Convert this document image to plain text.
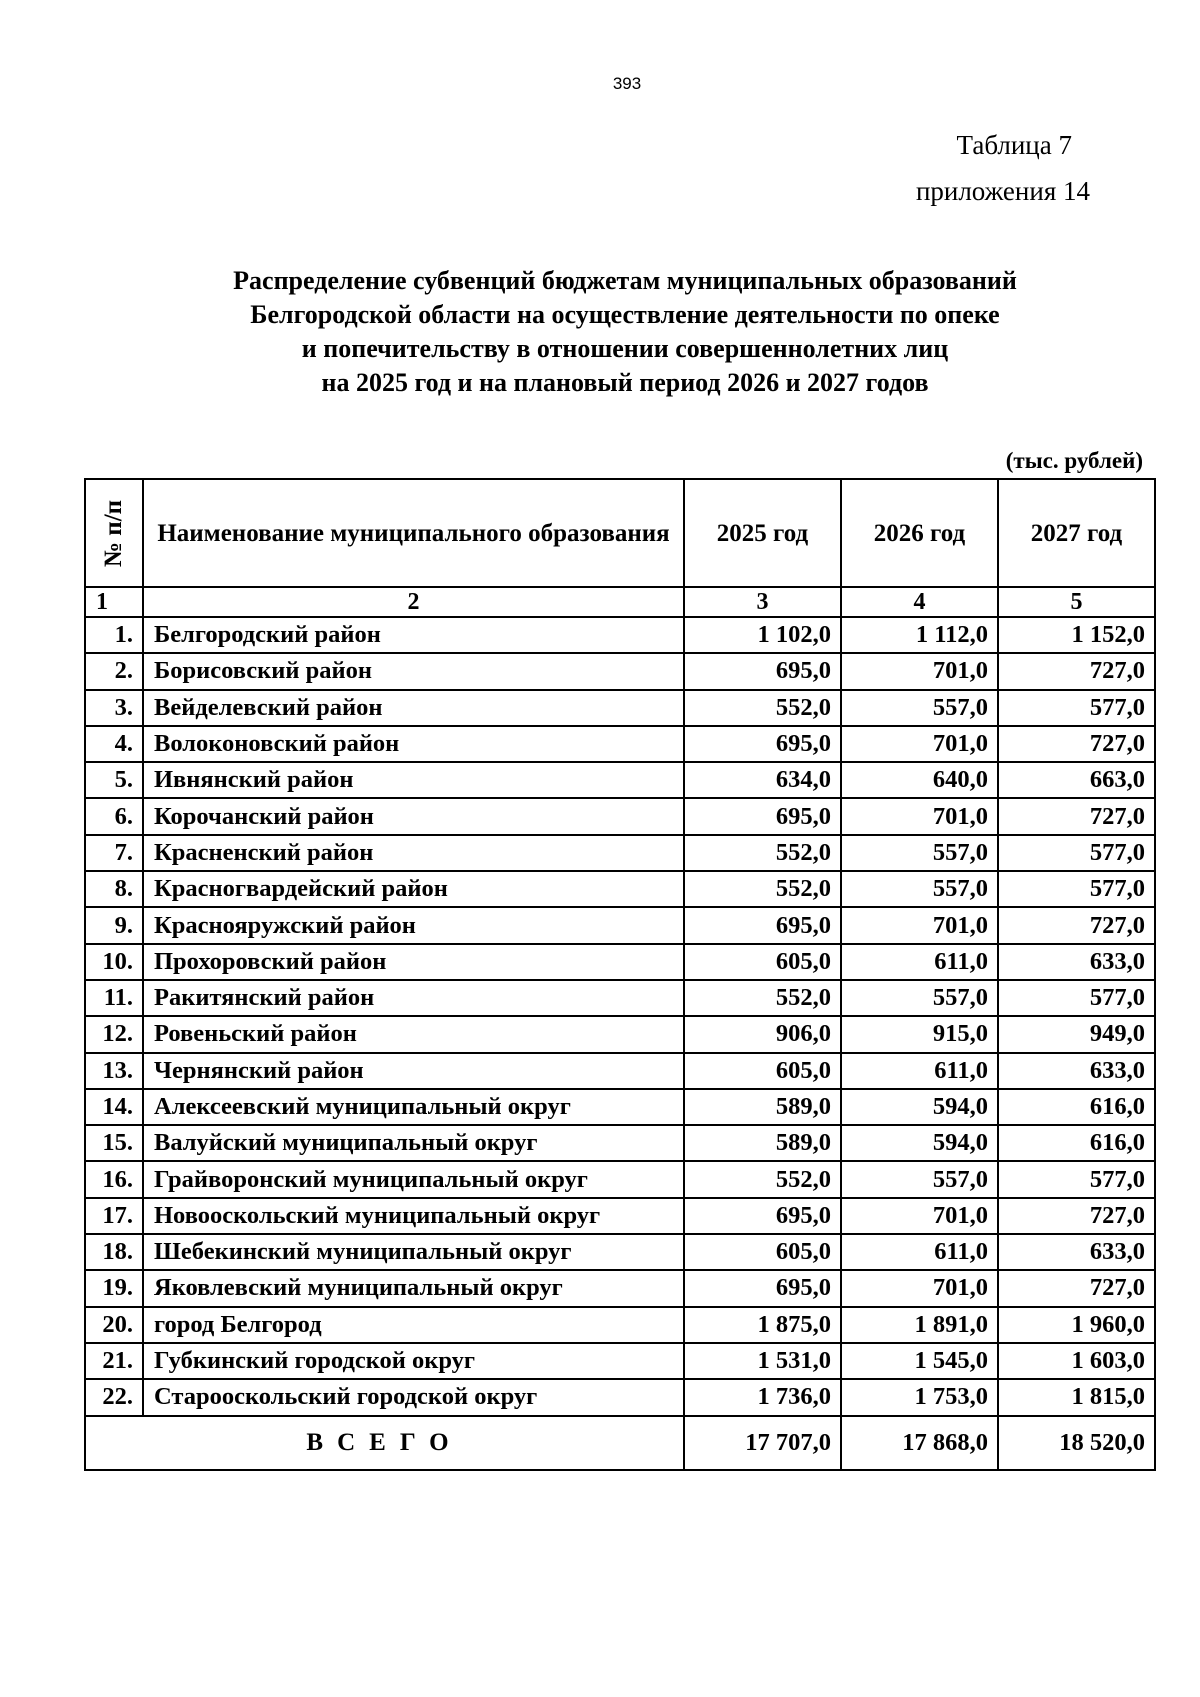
393
Таблица 7
приложения 14
Распределение субвенций бюджетам муниципальных образований
Белгородской области на осуществление деятельности по опеке
и попечительству в отношении совершеннолетних лиц
на 2025 год и на плановый период 2026 и 2027 годов
(тыс. рублей)
№ п/п	Наименование муниципального образования	2025 год	2026 год	2027 год
1	2	3	4	5
1.	Белгородский район	1 102,0	1 112,0	1 152,0
2.	Борисовский район	695,0	701,0	727,0
3.	Вейделевский район	552,0	557,0	577,0
4.	Волоконовский район	695,0	701,0	727,0
5.	Ивнянский район	634,0	640,0	663,0
6.	Корочанский район	695,0	701,0	727,0
7.	Красненский район	552,0	557,0	577,0
8.	Красногвардейский район	552,0	557,0	577,0
9.	Краснояружский район	695,0	701,0	727,0
10.	Прохоровский район	605,0	611,0	633,0
11.	Ракитянский район	552,0	557,0	577,0
12.	Ровеньский район	906,0	915,0	949,0
13.	Чернянский район	605,0	611,0	633,0
14.	Алексеевский муниципальный округ	589,0	594,0	616,0
15.	Валуйский муниципальный округ	589,0	594,0	616,0
16.	Грайворонский муниципальный округ	552,0	557,0	577,0
17.	Новооскольский муниципальный округ	695,0	701,0	727,0
18.	Шебекинский муниципальный округ	605,0	611,0	633,0
19.	Яковлевский муниципальный округ	695,0	701,0	727,0
20.	город Белгород	1 875,0	1 891,0	1 960,0
21.	Губкинский городской округ	1 531,0	1 545,0	1 603,0
22.	Старооскольский городской округ	1 736,0	1 753,0	1 815,0
ВСЕГО		17 707,0	17 868,0	18 520,0
